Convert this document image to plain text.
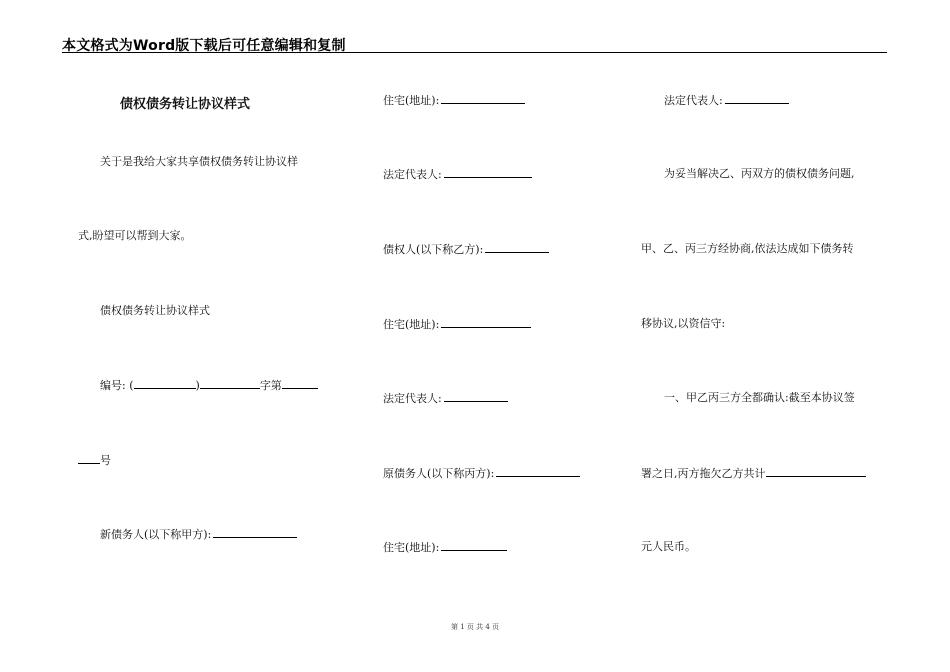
本文格式为Word版下载后可任意编辑和复制
债权债务转让协议样式
关于是我给大家共享债权债务转让协议样
式,盼望可以帮到大家。
债权债务转让协议样式
编号: (	)	字第
号
新债务人(以下称甲方):
住宅(地址):
法定代表人:
债权人(以下称乙方):
住宅(地址):
法定代表人:
原债务人(以下称丙方):
住宅(地址):
法定代表人:
为妥当解决乙、丙双方的债权债务问题,
甲、乙、丙三方经协商,依法达成如下债务转
移协议,以资信守:
一、甲乙丙三方全都确认:截至本协议签
署之日,丙方拖欠乙方共计
元人民币。
第 1 页 共 4 页
